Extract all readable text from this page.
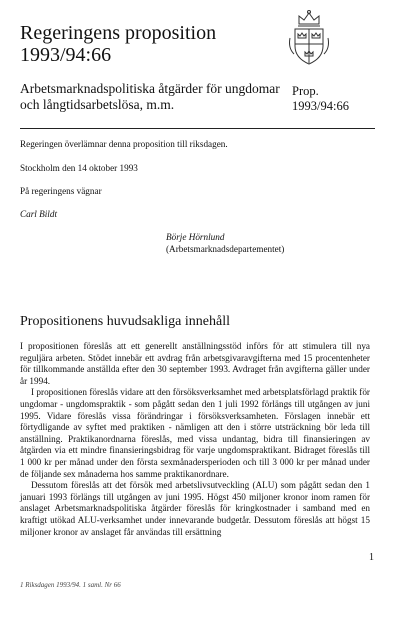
Regeringens proposition
1993/94:66
Arbetsmarknadspolitiska åtgärder för ungdomar
och långtidsarbetslösa, m.m.
Prop.
1993/94:66
Regeringen överlämnar denna proposition till riksdagen.
Stockholm den 14 oktober 1993
På regeringens vägnar
Carl Bildt
Börje Hörnlund
(Arbetsmarknadsdepartementet)
Propositionens huvudsakliga innehåll

I propositionen föreslås att ett generellt anställningsstöd införs för att stimulera till nya reguljära arbeten. Stödet innebär ett avdrag från arbetsgivaravgifterna med 15 procentenheter för tillkommande anställda efter den 30 september 1993. Avdraget från avgifterna gäller under år 1994.

I propositionen föreslås vidare att den försöksverksamhet med arbetsplatsförlagd praktik för ungdomar - ungdomspraktik - som pågått sedan den 1 juli 1992 förlängs till utgången av juni 1995. Vidare föreslås vissa förändringar i försöksverksamheten. Förslagen innebär ett förtydligande av syftet med praktiken - nämligen att den i större utsträckning bör leda till anställning. Praktikanordnarna föreslås, med vissa undantag, bidra till finansieringen av åtgärden via ett mindre finansieringsbidrag för varje ungdomspraktikant. Bidraget föreslås till 1 000 kr per månad under den första sexmånadersperioden och till 3 000 kr per månad under de följande sex månaderna hos samme praktikanordnare.

Dessutom föreslås att det försök med arbetslivsutveckling (ALU) som pågått sedan den 1 januari 1993 förlängs till utgången av juni 1995. Högst 450 miljoner kronor inom ramen för anslaget Arbetsmarknadspolitiska åtgärder föreslås för kringkostnader i samband med en kraftigt utökad ALU-verksamhet under innevarande budgetår. Dessutom föreslås att högst 15 miljoner kronor av anslaget får användas till ersättning

1
1 Riksdagen 1993/94. 1 saml. Nr 66
